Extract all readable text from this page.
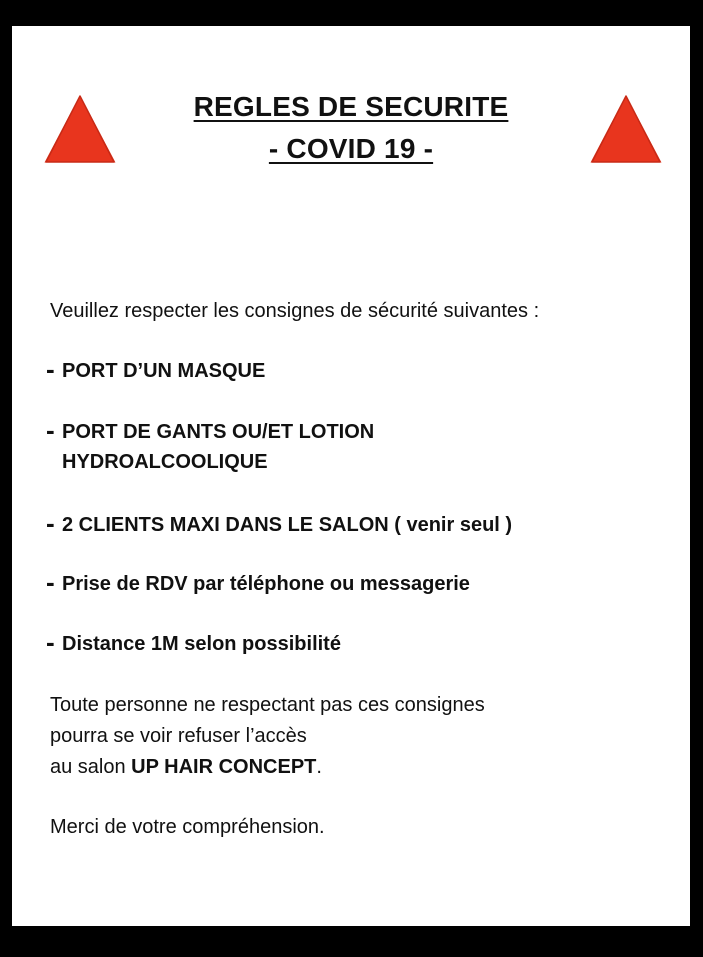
REGLES DE SECURITE
- COVID 19 -
Veuillez respecter les consignes de sécurité suivantes :
- PORT D’UN MASQUE
- PORT DE GANTS OU/ET LOTION
HYDROALCOOLIQUE
- 2 CLIENTS MAXI DANS LE SALON ( venir seul )
- Prise de RDV par téléphone ou messagerie
- Distance 1M selon possibilité
Toute personne ne respectant pas ces consignes
pourra se voir refuser l’accès
au salon UP HAIR CONCEPT.
Merci de votre compréhension.
